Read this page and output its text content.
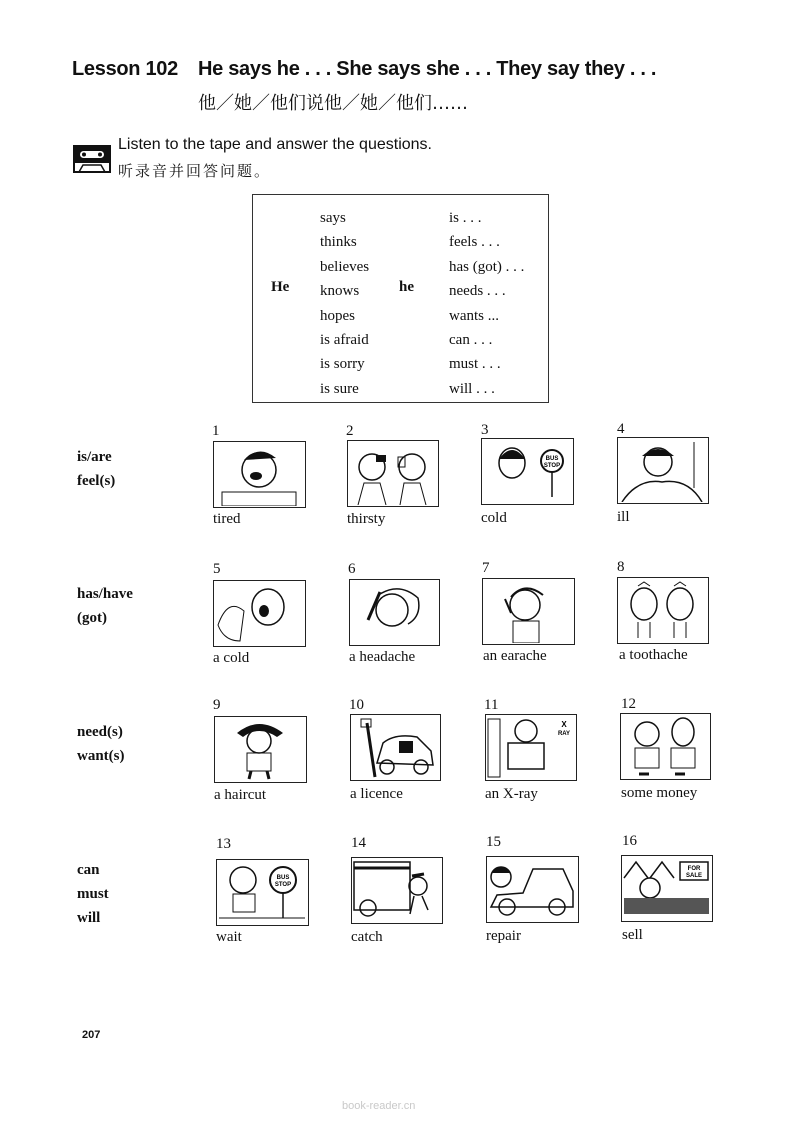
Lesson 102 He says he . . . She says she . . . They say they . . .
他／她／他们说他／她／他们……
Listen to the tape and answer the questions.
听录音并回答问题。
He
says
thinks
believes
knows
hopes
is afraid
is sorry
is sure
he
is . . .
feels . . .
has (got) . . .
needs . . .
wants ...
can . . .
must . . .
will . . .
is/are
feel(s)
1
tired
2
thirsty
3
BUS
STOP
cold
4
ill
has/have
(got)
5
a cold
6
a headache
7
an earache
8
a toothache
need(s)
want(s)
9
a haircut
10
a licence
11
X
RAY
an X-ray
12
some money
can
must
will
13
BUS
STOP
wait
14
catch
15
repair
16
FOR
SALE
sell
207
book-reader.cn
